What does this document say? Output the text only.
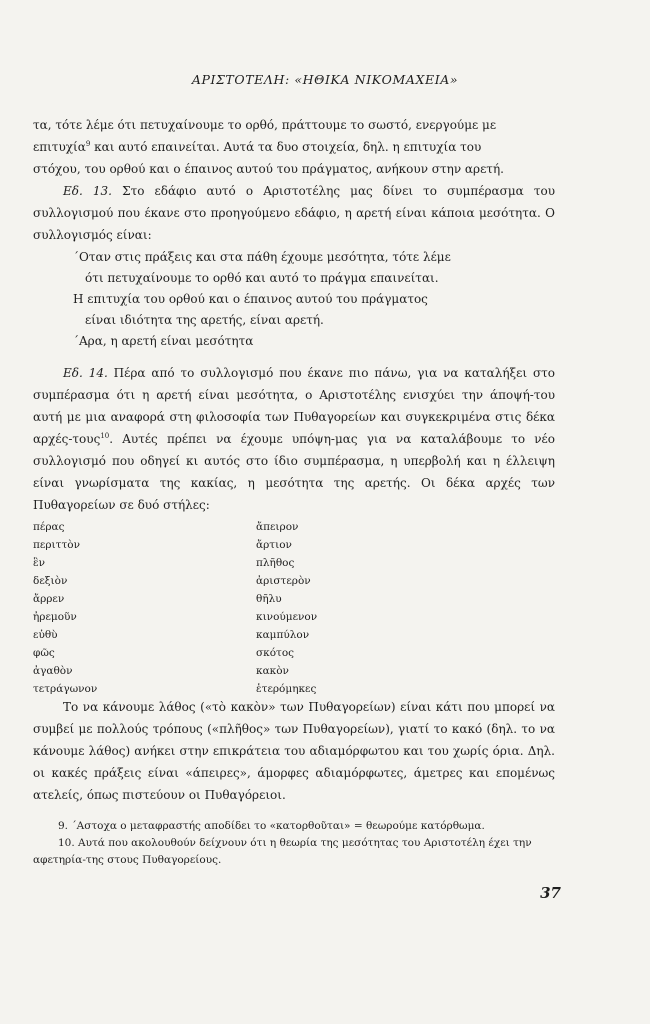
ΑΡΙΣΤΟΤΕΛΗ: «ΗΘΙΚΑ ΝΙΚΟΜΑΧΕΙΑ»

τα, τότε λέμε ότι πετυχαίνουμε το ορθό, πράττουμε το σωστό, ενεργούμε με

επιτυχία$^9$ και αυτό επαινείται. Αυτά τα δυο στοιχεία, δηλ. η επιτυχία του

στόχου, του ορθού και ο έπαινος αυτού του πράγματος, ανήκουν στην αρετή.

Εδ. 13. Στο εδάφιο αυτό ο Αριστοτέλης μας δίνει το συμπέρασμα του συλλογισμού που έκανε στο προηγούμενο εδάφιο, η αρετή είναι κάποια μεσότητα. Ο συλλογισμός είναι:

΄Οταν στις πράξεις και στα πάθη έχουμε μεσότητα, τότε λέμε
ότι πετυχαίνουμε το ορθό και αυτό το πράγμα επαινείται.
Η επιτυχία του ορθού και ο έπαινος αυτού του πράγματος
είναι ιδιότητα της αρετής, είναι αρετή.
΄Αρα, η αρετή είναι μεσότητα

Εδ. 14. Πέρα από το συλλογισμό που έκανε πιο πάνω, για να καταλήξει στο συμπέρασμα ότι η αρετή είναι μεσότητα, ο Αριστοτέλης ενισχύει την άποψή-του αυτή με μια αναφορά στη φιλοσοφία των Πυθαγορείων και συγκεκριμένα στις δέκα αρχές-τους$^{10}$. Αυτές πρέπει να έχουμε υπόψη-μας για να καταλάβουμε το νέο συλλογισμό που οδηγεί κι αυτός στο ίδιο συμπέρασμα, η υπερβολή και η έλλειψη είναι γνωρίσματα της κακίας, η μεσότητα της αρετής. Οι δέκα αρχές των Πυθαγορείων σε δυό στήλες:

πέρας	ἄπειρον
περιττὸν	ἄρτιον
ἓν	πλῆθος
δεξιὸν	ἀριστερὸν
ἄρρεν	θῆλυ
ἠρεμοῦν	κινούμενον
εὐθὺ	καμπύλον
φῶς	σκότος
ἀγαθὸν	κακὸν
τετράγωνον	ἑτερόμηκες

Το να κάνουμε λάθος («τὸ κακὸν» των Πυθαγορείων) είναι κάτι που μπορεί να συμβεί με πολλούς τρόπους («πλῆθος» των Πυθαγορείων), γιατί το κακό (δηλ. το να κάνουμε λάθος) ανήκει στην επικράτεια του αδιαμόρφωτου και του χωρίς όρια. Δηλ. οι κακές πράξεις είναι «άπειρες», άμορφες αδιαμόρφωτες, άμετρες και επομένως ατελείς, όπως πιστεύουν οι Πυθαγόρειοι.

9. ΄Αστοχα ο μεταφραστής αποδίδει το «κατορθοῦται» = θεωρούμε κατόρθωμα.

10. Αυτά που ακολουθούν δείχνουν ότι η θεωρία της μεσότητας του Αριστοτέλη έχει την αφετηρία-της στους Πυθαγορείους.

37
